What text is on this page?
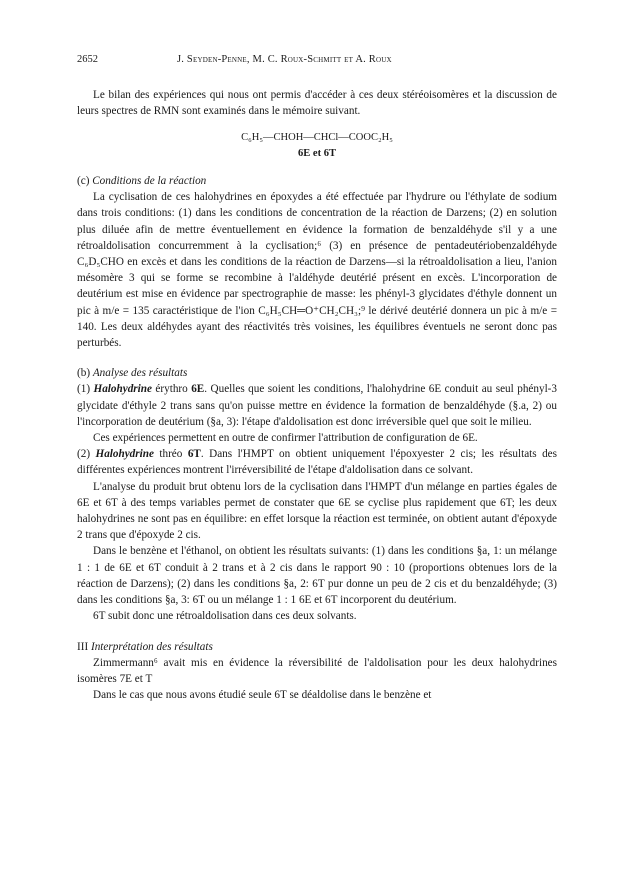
2652	J. Seyden-Penne, M. C. Roux-Schmitt et A. Roux

Le bilan des expériences qui nous ont permis d'accéder à ces deux stéréoisomères et la discussion de leurs spectres de RMN sont examinés dans le mémoire suivant.

C₆H₅—CHOH—CHCl—COOC₂H₅
6E et 6T

(c) Conditions de la réaction

La cyclisation de ces halohydrines en époxydes a été effectuée par l'hydrure ou l'éthylate de sodium dans trois conditions: (1) dans les conditions de concentration de la réaction de Darzens; (2) en solution plus diluée afin de mettre éventuellement en évidence la formation de benzaldéhyde s'il y a une rétroaldolisation concurremment à la cyclisation;⁶ (3) en présence de pentadeutériobenzaldéhyde C₆D₅CHO en excès et dans les conditions de la réaction de Darzens—si la rétroaldolisation a lieu, l'anion mésomère 3 qui se forme se recombine à l'aldéhyde deutérié présent en excès. L'incorporation de deutérium est mise en évidence par spectrographie de masse: les phényl-3 glycidates d'éthyle donnent un pic à m/e = 135 caractéristique de l'ion C₆H₅CH═O⁺CH₂CH₃;⁹ le dérivé deutérié donnera un pic à m/e = 140. Les deux aldéhydes ayant des réactivités très voisines, les équilibres éventuels ne seront donc pas perturbés.

(b) Analyse des résultats

(1) Halohydrine érythro 6E. Quelles que soient les conditions, l'halohydrine 6E conduit au seul phényl-3 glycidate d'éthyle 2 trans sans qu'on puisse mettre en évidence la formation de benzaldéhyde (§.a, 2) ou l'incorporation de deutérium (§a, 3): l'étape d'aldolisation est donc irréversible quel que soit le milieu.

Ces expériences permettent en outre de confirmer l'attribution de configuration de 6E.

(2) Halohydrine thréo 6T. Dans l'HMPT on obtient uniquement l'époxyester 2 cis; les résultats des différentes expériences montrent l'irréversibilité de l'étape d'aldolisation dans ce solvant.

L'analyse du produit brut obtenu lors de la cyclisation dans l'HMPT d'un mélange en parties égales de 6E et 6T à des temps variables permet de constater que 6E se cyclise plus rapidement que 6T; les deux halohydrines ne sont pas en équilibre: en effet lorsque la réaction est terminée, on obtient autant d'époxyde 2 trans que d'époxyde 2 cis.

Dans le benzène et l'éthanol, on obtient les résultats suivants: (1) dans les conditions §a, 1: un mélange 1 : 1 de 6E et 6T conduit à 2 trans et à 2 cis dans le rapport 90 : 10 (proportions obtenues lors de la réaction de Darzens); (2) dans les conditions §a, 2: 6T pur donne un peu de 2 cis et du benzaldéhyde; (3) dans les conditions §a, 3: 6T ou un mélange 1 : 1 6E et 6T incorporent du deutérium.

6T subit donc une rétroaldolisation dans ces deux solvants.

III Interprétation des résultats

Zimmermann⁶ avait mis en évidence la réversibilité de l'aldolisation pour les deux halohydrines isomères 7E et T

Dans le cas que nous avons étudié seule 6T se déaldolise dans le benzène et
